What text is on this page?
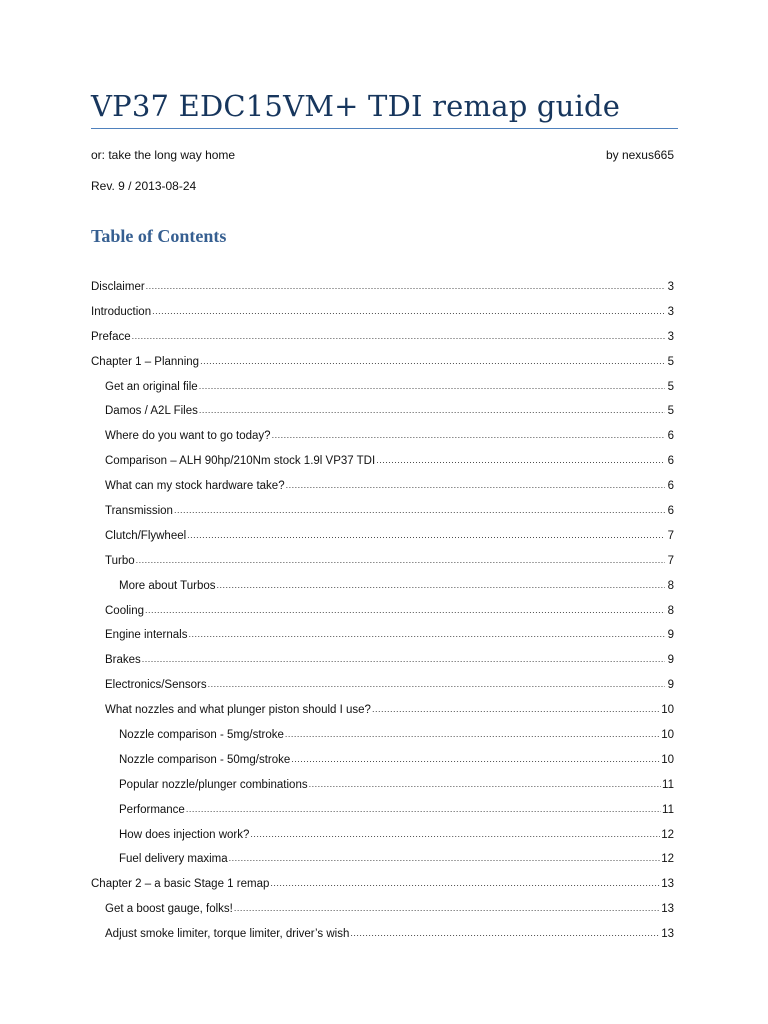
VP37 EDC15VM+ TDI remap guide
or: take the long way home	by nexus665
Rev. 9 / 2013-08-24
Table of Contents
Disclaimer .....	3
Introduction .....	3
Preface .....	3
Chapter 1 – Planning .....	5
Get an original file .....	5
Damos / A2L Files .....	5
Where do you want to go today? .....	6
Comparison – ALH 90hp/210Nm stock 1.9l VP37 TDI .....	6
What can my stock hardware take? .....	6
Transmission .....	6
Clutch/Flywheel .....	7
Turbo .....	7
More about Turbos .....	8
Cooling .....	8
Engine internals .....	9
Brakes .....	9
Electronics/Sensors .....	9
What nozzles and what plunger piston should I use? .....	10
Nozzle comparison - 5mg/stroke .....	10
Nozzle comparison - 50mg/stroke .....	10
Popular nozzle/plunger combinations .....	11
Performance .....	11
How does injection work? .....	12
Fuel delivery maxima .....	12
Chapter 2 – a basic Stage 1 remap .....	13
Get a boost gauge, folks! .....	13
Adjust smoke limiter, torque limiter, driver’s wish .....	13
